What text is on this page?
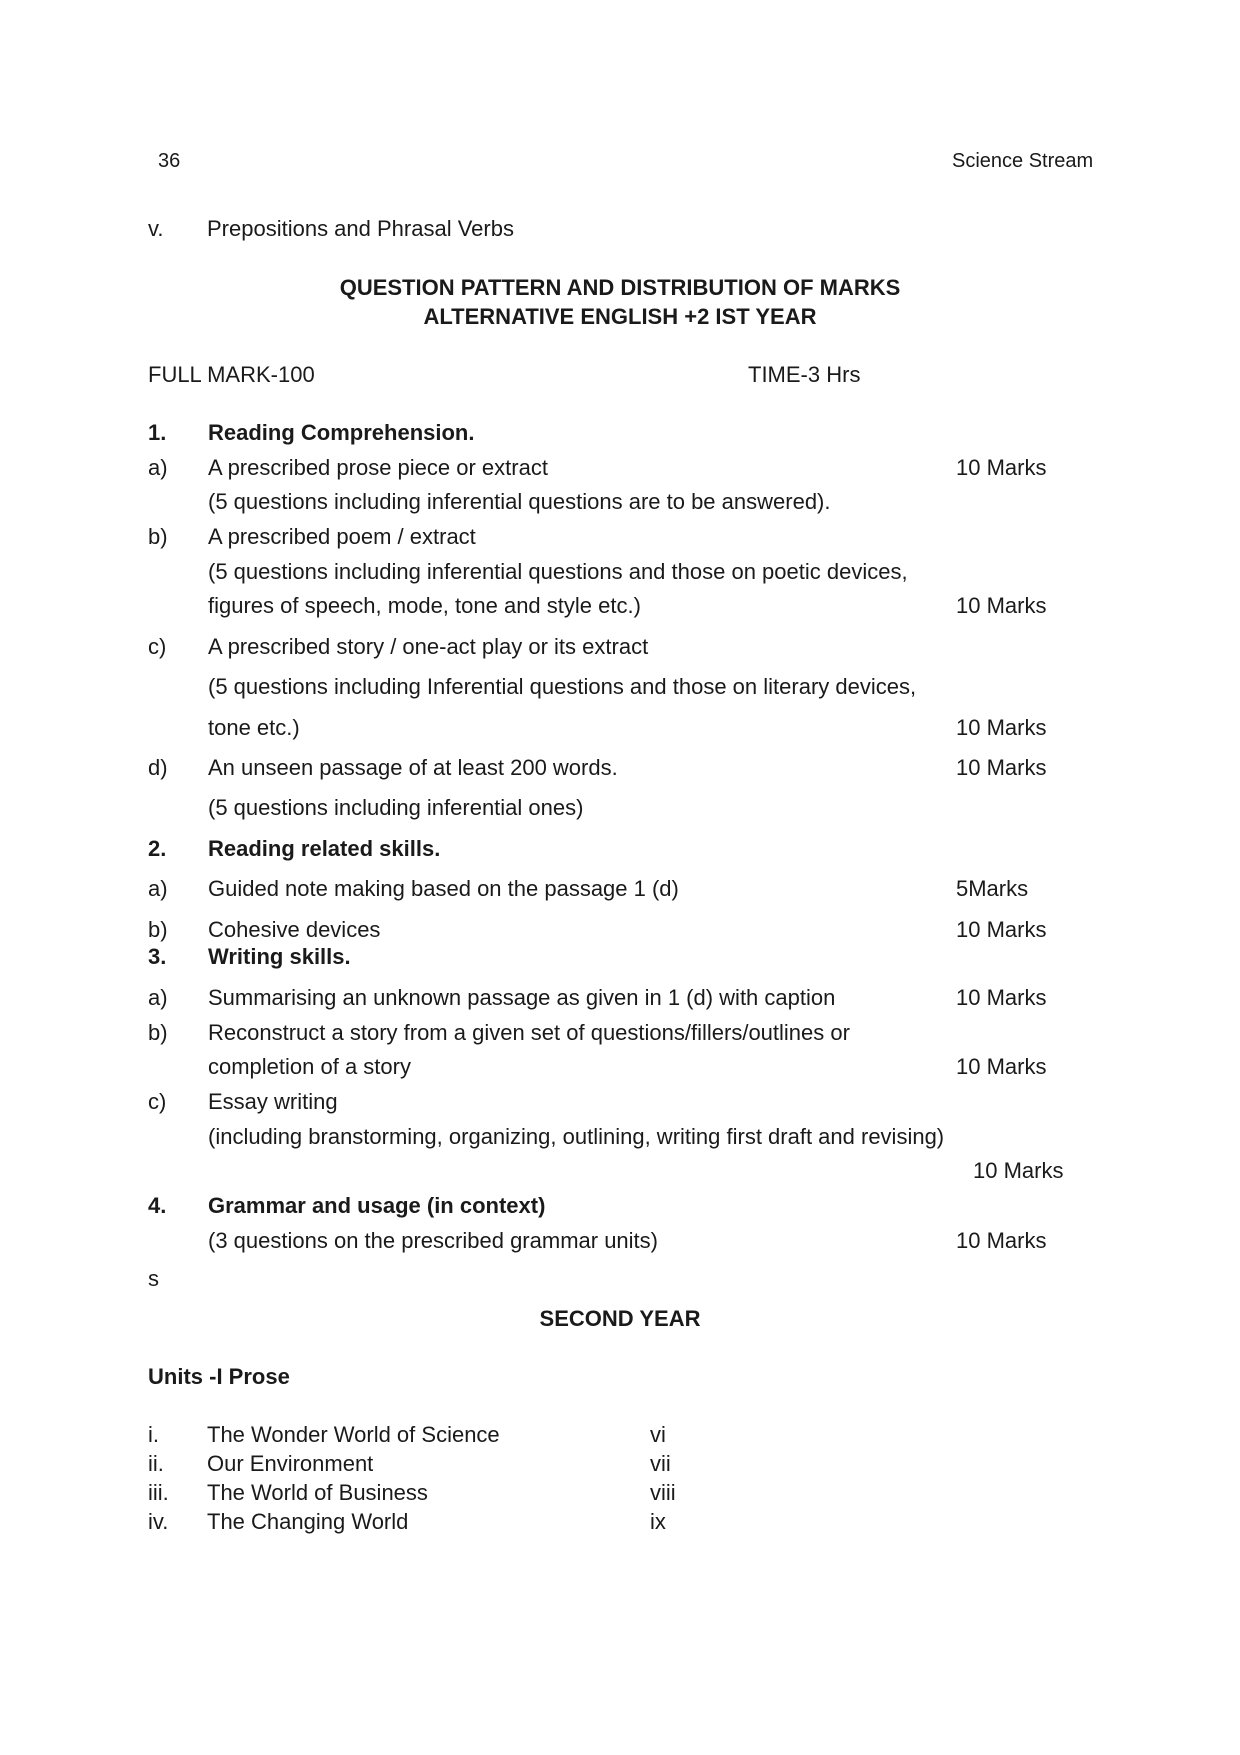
36	Science Stream
v. Prepositions and Phrasal Verbs
QUESTION PATTERN AND DISTRIBUTION OF MARKS
ALTERNATIVE ENGLISH +2 IST YEAR
FULL MARK-100	TIME-3 Hrs
1. Reading Comprehension.
a) A prescribed prose piece or extract	10 Marks
(5 questions including inferential questions are to be answered).
b) A prescribed poem / extract
(5 questions including inferential questions and those on poetic devices,
figures of speech, mode, tone and style etc.)	10 Marks
c) A prescribed story / one-act play or its extract
(5 questions including Inferential questions and those on literary devices,
tone etc.)	10 Marks
d) An unseen passage of at least 200 words.	10 Marks
(5 questions including inferential ones)
2. Reading related skills.
a) Guided note making based on the passage 1 (d)	5Marks
b) Cohesive devices	10 Marks
3. Writing skills.
a) Summarising an unknown passage as given in 1 (d) with caption	10 Marks
b) Reconstruct a story from a given set of questions/fillers/outlines or
completion of a story	10 Marks
c) Essay writing
(including branstorming, organizing, outlining, writing first draft and revising)
10 Marks
4. Grammar and usage (in context)
(3 questions on the prescribed grammar units)	10 Marks
s
SECOND YEAR
Units -I Prose
i. The Wonder World of Science	vi
ii. Our Environment	vii
iii. The World of Business	viii
iv. The Changing World	ix
